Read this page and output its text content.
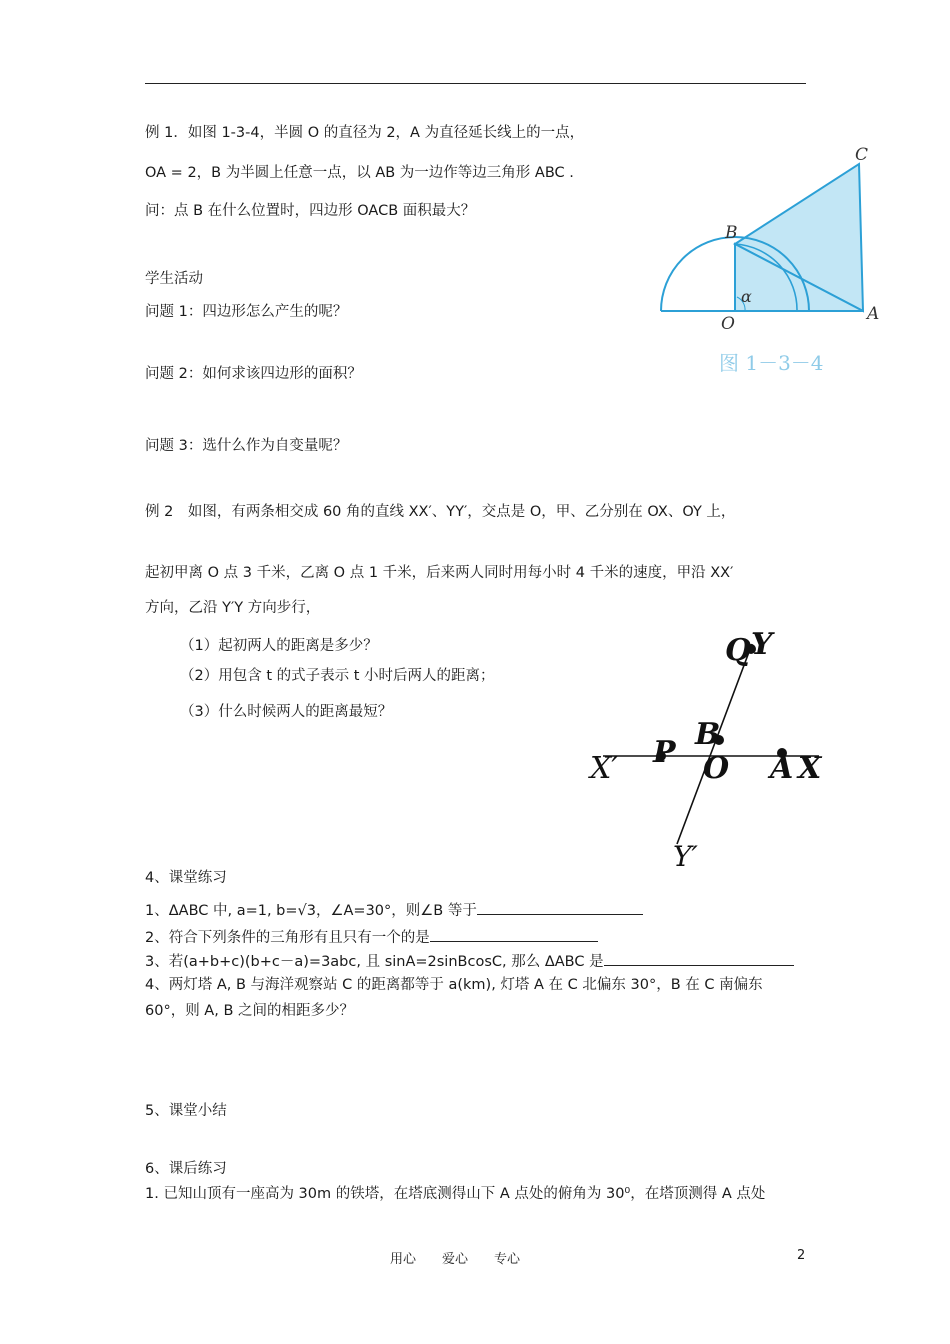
例 1．如图 1-3-4，半圆 O 的直径为 2，A 为直径延长线上的一点，
OA = 2，B 为半圆上任意一点，以 AB 为一边作等边三角形 ABC .
问：点 B 在什么位置时，四边形 OACB 面积最大？
C
B
α
O	A
图 1－3－4
学生活动
问题 1：四边形怎么产生的呢？
问题 2：如何求该四边形的面积？
问题 3：选什么作为自变量呢？
例 2　如图，有两条相交成 60 角的直线 XX′、YY′，交点是 O，甲、乙分别在 OX、OY 上，
起初甲离 O 点 3 千米，乙离 O 点 1 千米，后来两人同时用每小时 4 千米的速度，甲沿 XX′
方向，乙沿 Y′Y 方向步行，
（1）起初两人的距离是多少？
（2）用包含 t 的式子表示 t 小时后两人的距离；
（3）什么时候两人的距离最短？
Q Y
B
P
X′	O A X
Y′
4、课堂练习
1、ΔABC 中, a=1, b=√3，∠A=30°，则∠B 等于
2、符合下列条件的三角形有且只有一个的是
3、若(a+b+c)(b+c－a)=3abc, 且 sinA=2sinBcosC, 那么 ΔABC 是
4、两灯塔 A, B 与海洋观察站 C 的距离都等于 a(km), 灯塔 A 在 C 北偏东 30°，B 在 C 南偏东
60°，则 A, B 之间的相距多少？
5、课堂小结
6、课后练习
1. 已知山顶有一座高为 30m 的铁塔，在塔底测得山下 A 点处的俯角为 30⁰，在塔顶测得 A 点处
用心　　爱心　　专心	2
